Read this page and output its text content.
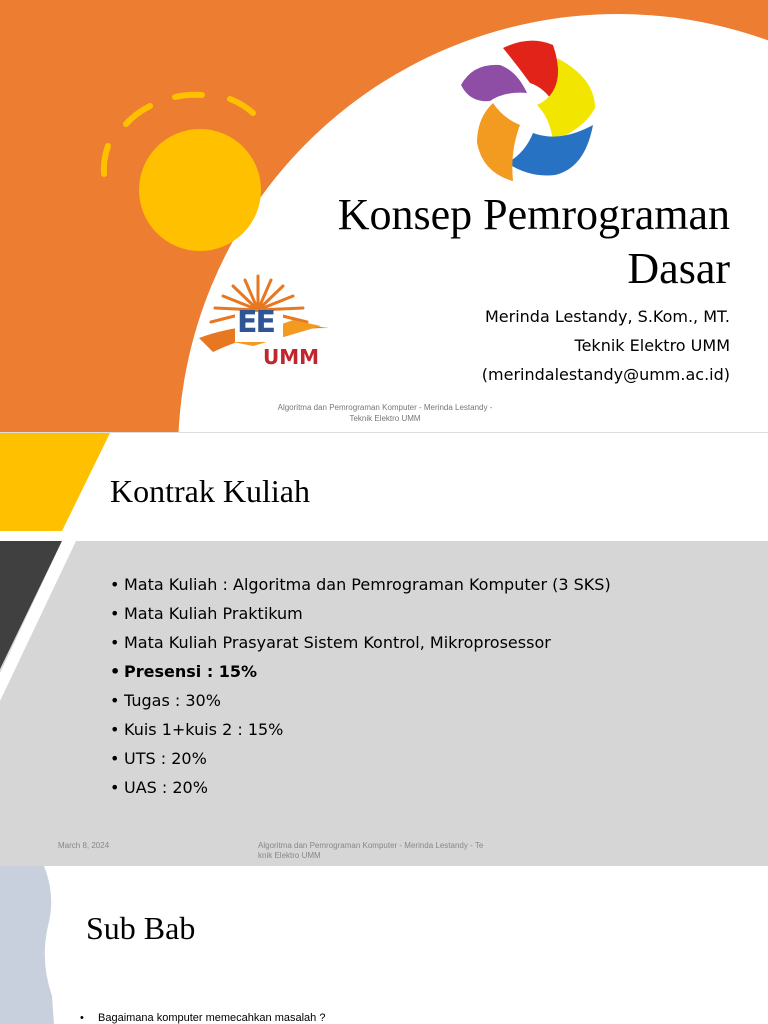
EE
UMM
Konsep Pemrograman
Dasar
Merinda Lestandy, S.Kom., MT.
Teknik Elektro UMM
(merindalestandy@umm.ac.id)
Algoritma dan Pemrograman Komputer - Merinda Lestandy -
Teknik Elektro UMM
Kontrak Kuliah
• Mata Kuliah : Algoritma dan Pemrograman Komputer (3 SKS)
• Mata Kuliah Praktikum
• Mata Kuliah Prasyarat Sistem Kontrol, Mikroprosessor
• Presensi : 15%
• Tugas : 30%
• Kuis 1+kuis 2 : 15%
• UTS : 20%
• UAS : 20%
March 8, 2024	Algoritma dan Pemrograman Komputer - Merinda Lestandy - Te
knik Elektro UMM
Sub Bab
• Bagaimana komputer memecahkan masalah ?
